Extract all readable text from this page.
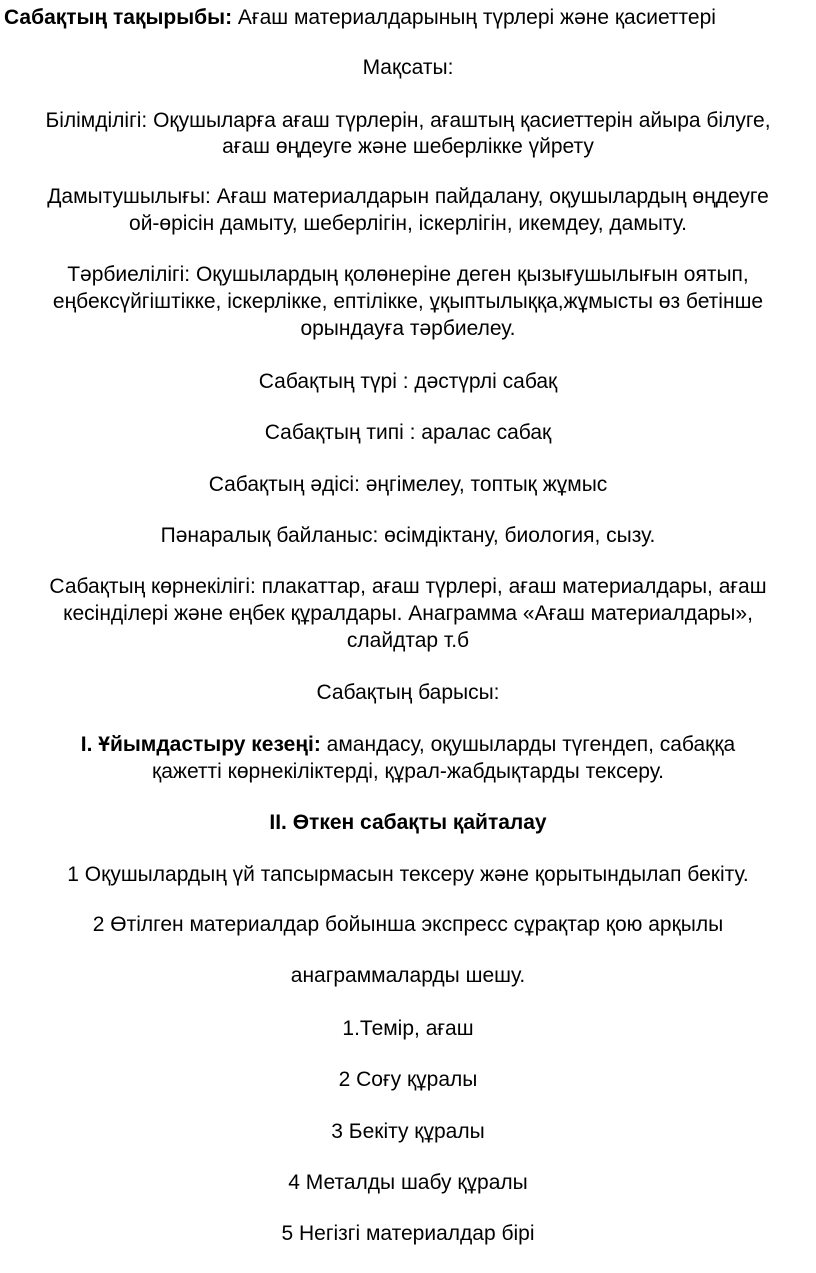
Сабақтың тақырыбы: Ағаш материалдарының түрлері және қасиеттері
Мақсаты:
Білімділігі: Оқушыларға ағаш түрлерін, ағаштың қасиеттерін айыра білуге,
ағаш өңдеуге және шеберлікке үйрету
Дамытушылығы: Ағаш материалдарын пайдалану, оқушылардың өңдеуге
ой-өрісін дамыту, шеберлігін, іскерлігін, икемдеу, дамыту.
Тәрбиелілігі: Оқушылардың қолөнеріне деген қызығушылығын оятып,
еңбексүйгіштікке, іскерлікке, ептілікке, ұқыптылыққа,жұмысты өз бетінше
орындауға тәрбиелеу.
Сабақтың түрі : дәстүрлі сабақ
Сабақтың типі : аралас сабақ
Сабақтың әдісі: әңгімелеу, топтық жұмыс
Пәнаралық байланыс: өсімдіктану, биология, сызу.
Сабақтың көрнекілігі: плакаттар, ағаш түрлері, ағаш материалдары, ағаш
кесінділері және еңбек құралдары. Анаграмма «Ағаш материалдары»,
слайдтар т.б
Сабақтың барысы:
І. Ұйымдастыру кезеңі: амандасу, оқушыларды түгендеп, сабаққа
қажетті көрнекіліктерді, құрал-жабдықтарды тексеру.
ІІ. Өткен сабақты қайталау
1 Оқушылардың үй тапсырмасын тексеру және қорытындылап бекіту.
2 Өтілген материалдар бойынша экспресс сұрақтар қою арқылы
анаграммаларды шешу.
1.Темір, ағаш
2 Соғу құралы
3 Бекіту құралы
4 Металды шабу құралы
5 Негізгі материалдар бірі
